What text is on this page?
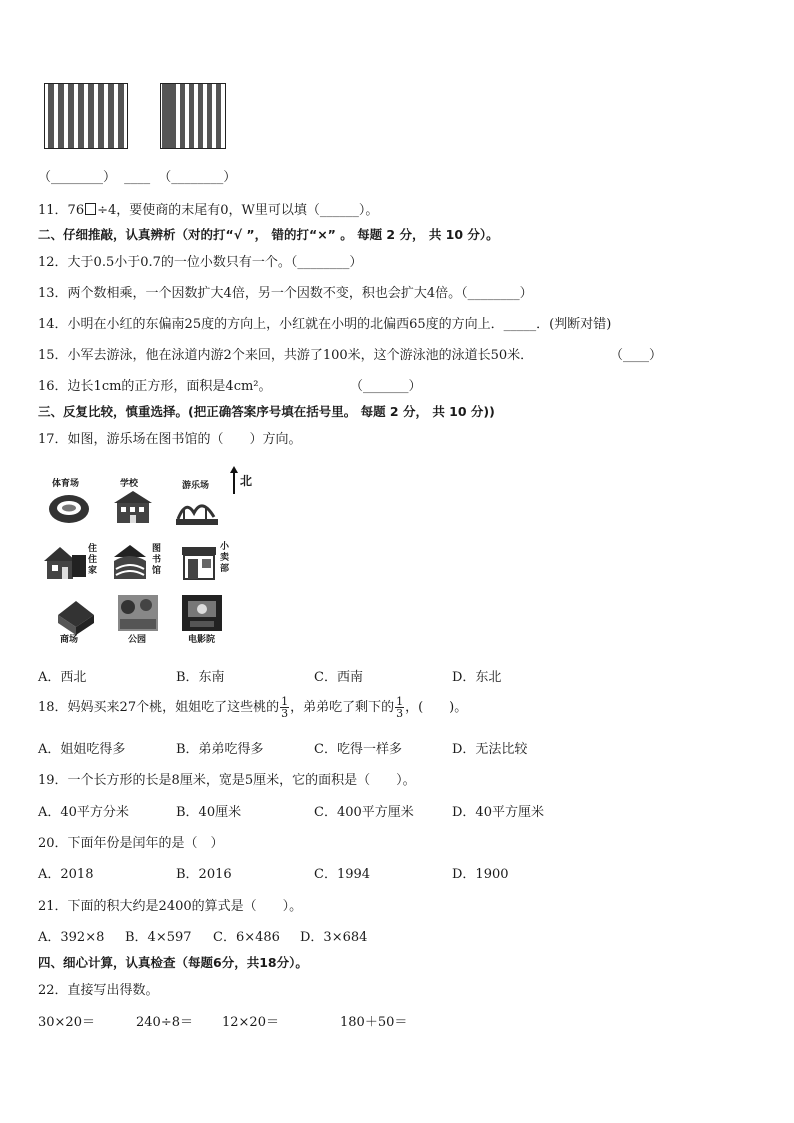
（________） ____ （________）
11．76 ÷4，要使商的末尾有0，W里可以填（______）。
二、仔细推敲，认真辨析（对的打“√ ”， 错的打“×” 。 每题 2 分， 共 10 分）。
12．大于0.5小于0.7的一位小数只有一个。（________）
13．两个数相乘，一个因数扩大4倍，另一个因数不变，积也会扩大4倍。（________）
14．小明在小红的东偏南25度的方向上，小红就在小明的北偏西65度的方向上．_____．(判断对错)
15．小军去游泳，他在泳道内游2个来回，共游了100米，这个游泳池的泳道长50米．	（____）
16．边长1cm的正方形，面积是4cm²。	（_______）
三、反复比较，慎重选择。(把正确答案序号填在括号里。 每题 2 分， 共 10 分))
17．如图，游乐场在图书馆的（　　）方向。
北
体育场	学校	游乐场
住住家
图书馆
小卖部
商场	公园	电影院
A．西北	B．东南	C．西南	D．东北
18．妈妈买来27个桃，姐姐吃了这些桃的 $\frac{1}{3}$ ，弟弟吃了剩下的 $\frac{1}{3}$ ，(　　)。
A．姐姐吃得多	B．弟弟吃得多	C．吃得一样多	D．无法比较
19．一个长方形的长是8厘米，宽是5厘米，它的面积是（　　）。
A．40平方分米	B．40厘米	C．400平方厘米	D．40平方厘米
20．下面年份是闰年的是（　）
A．2018	B．2016	C．1994	D．1900
21．下面的积大约是2400的算式是（　　）。
A．392×8 B．4×597 C．6×486 D．3×684
四、细心计算，认真检查（每题6分，共18分）。
22．直接写出得数。
30×20＝	240÷8＝ 12×20＝	180＋50＝
